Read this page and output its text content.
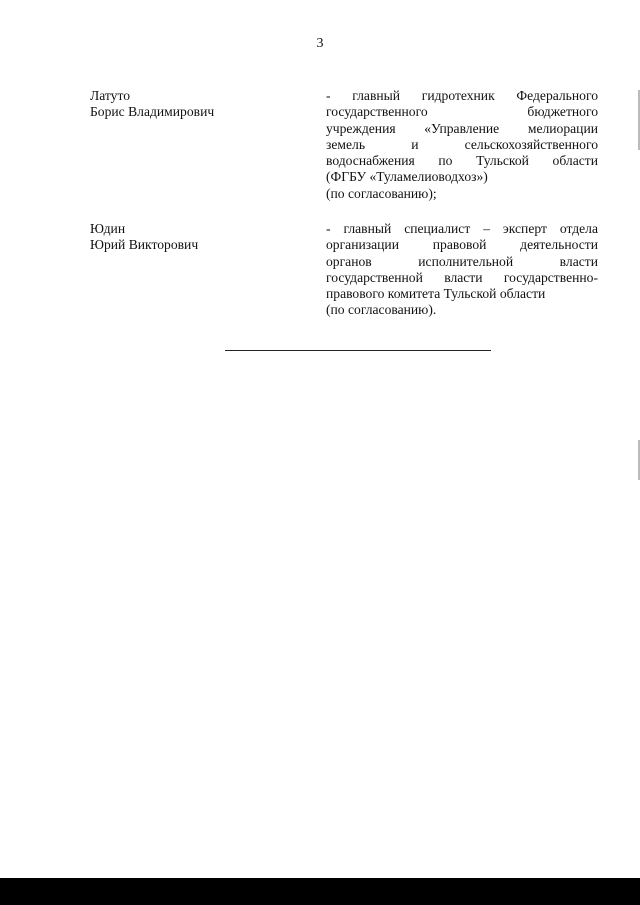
3
Латуто
Борис Владимирович
- главный гидротехник Федерального
государственного бюджетного
учреждения «Управление мелиорации
земель и сельскохозяйственного
водоснабжения по Тульской области
(ФГБУ «Туламелиоводхоз»)
(по согласованию);
Юдин
Юрий Викторович
- главный специалист – эксперт отдела
организации правовой деятельности
органов исполнительной власти
государственной власти государственно-
правового комитета Тульской области
(по согласованию).
